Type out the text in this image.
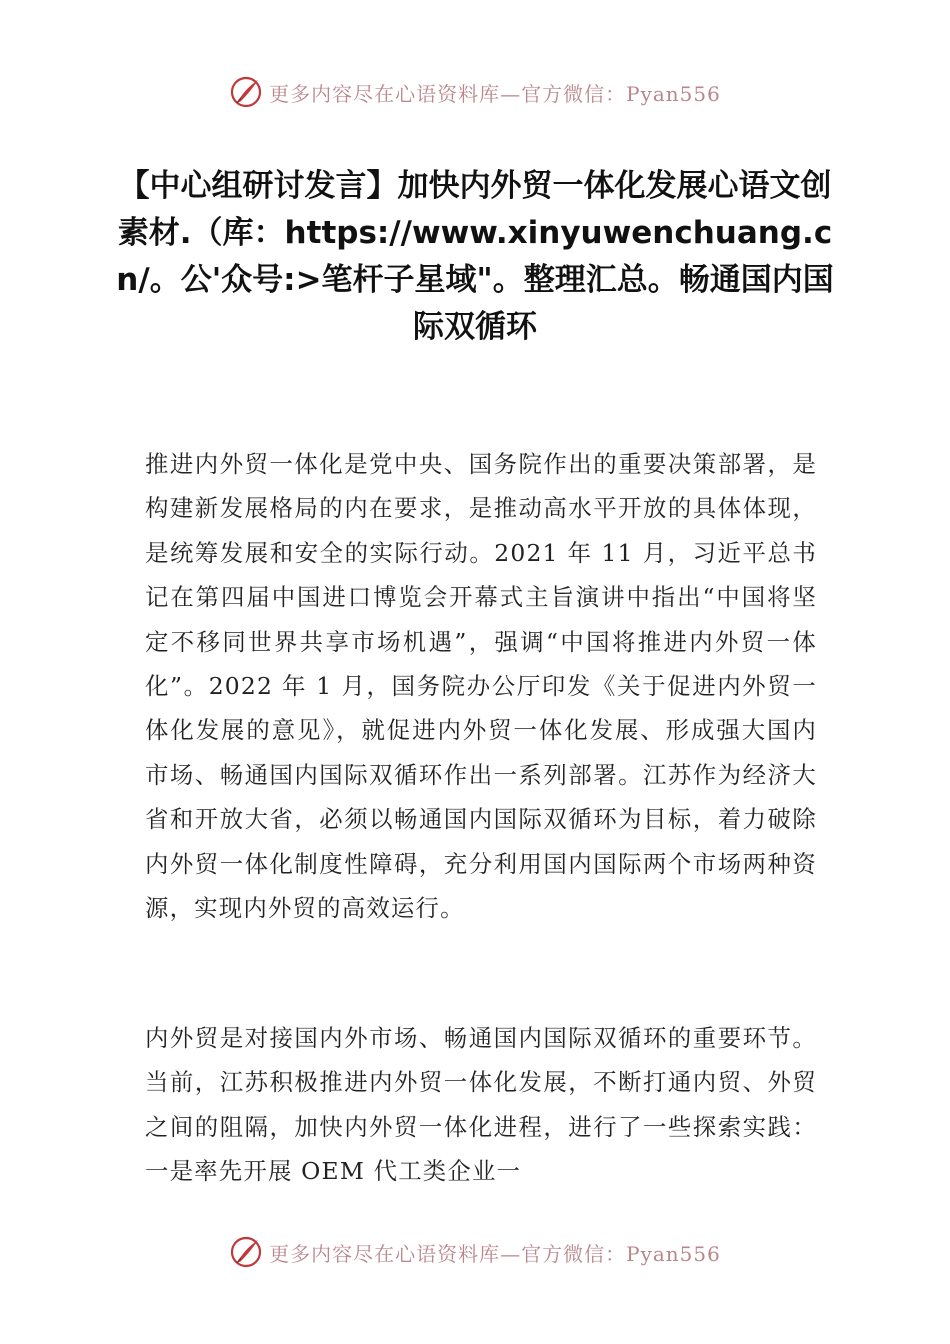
更多内容尽在心语资料库—官方微信：Pyan556
【中心组研讨发言】加快内外贸一体化发展心语文创素材.（库：https://www.xinyuwenchuang.cn/。公'众号:>笔杆子星域"。整理汇总。畅通国内国际双循环

推进内外贸一体化是党中央、国务院作出的重要决策部署，是构建新发展格局的内在要求，是推动高水平开放的具体体现，是统筹发展和安全的实际行动。2021 年 11 月，习近平总书记在第四届中国进口博览会开幕式主旨演讲中指出“中国将坚定不移同世界共享市场机遇”，强调“中国将推进内外贸一体化”。2022 年 1 月，国务院办公厅印发《关于促进内外贸一体化发展的意见》，就促进内外贸一体化发展、形成强大国内市场、畅通国内国际双循环作出一系列部署。江苏作为经济大省和开放大省，必须以畅通国内国际双循环为目标，着力破除内外贸一体化制度性障碍，充分利用国内国际两个市场两种资源，实现内外贸的高效运行。

内外贸是对接国内外市场、畅通国内国际双循环的重要环节。当前，江苏积极推进内外贸一体化发展，不断打通内贸、外贸之间的阻隔，加快内外贸一体化进程，进行了一些探索实践：一是率先开展 OEM 代工类企业一

更多内容尽在心语资料库—官方微信：Pyan556
